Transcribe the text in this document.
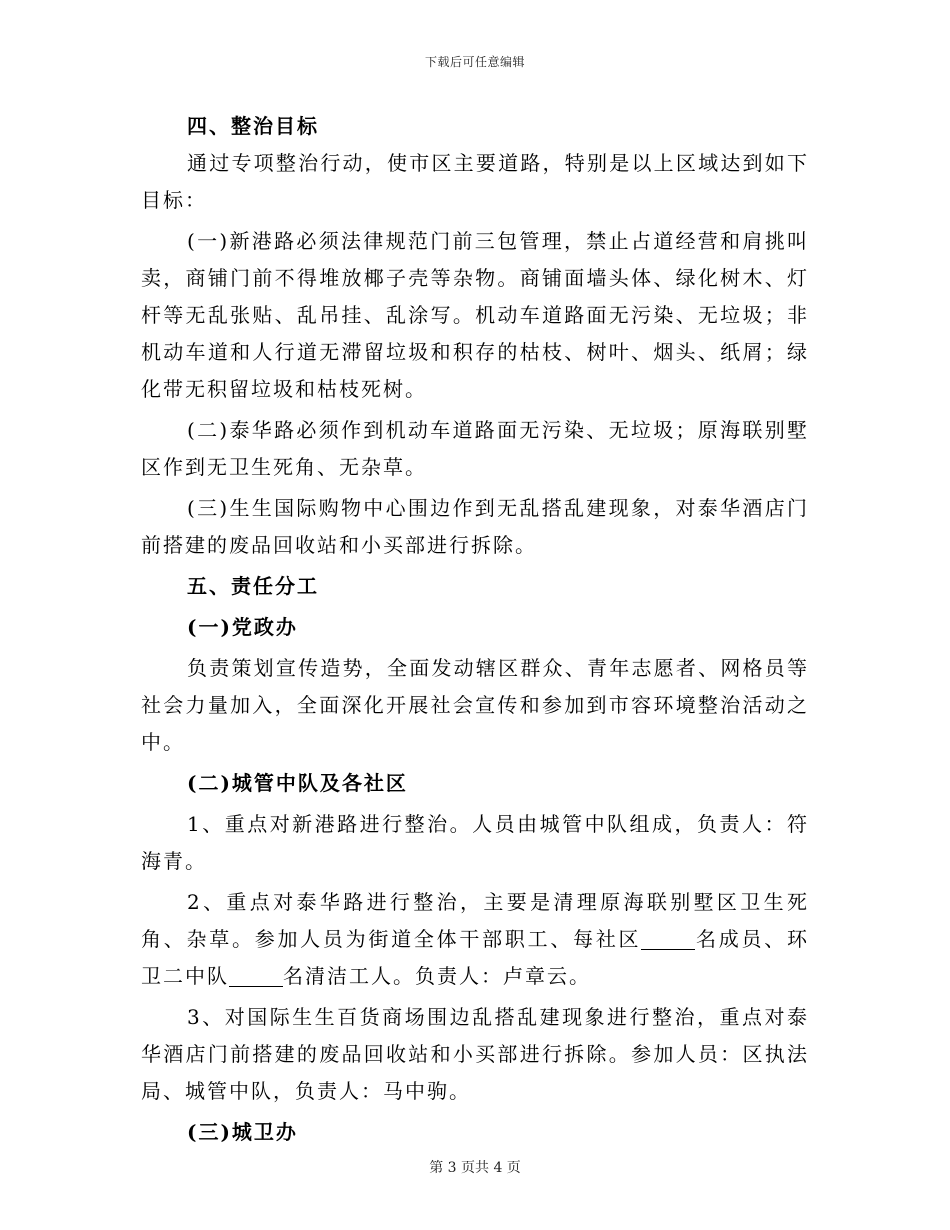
下载后可任意编辑

四、整治目标

通过专项整治行动，使市区主要道路，特别是以上区域达到如下目标：

(一)新港路必须法律规范门前三包管理，禁止占道经营和肩挑叫卖，商铺门前不得堆放椰子壳等杂物。商铺面墙头体、绿化树木、灯杆等无乱张贴、乱吊挂、乱涂写。机动车道路面无污染、无垃圾；非机动车道和人行道无滞留垃圾和积存的枯枝、树叶、烟头、纸屑；绿化带无积留垃圾和枯枝死树。

(二)泰华路必须作到机动车道路面无污染、无垃圾；原海联别墅区作到无卫生死角、无杂草。

(三)生生国际购物中心围边作到无乱搭乱建现象，对泰华酒店门前搭建的废品回收站和小买部进行拆除。

五、责任分工

(一)党政办

负责策划宣传造势，全面发动辖区群众、青年志愿者、网格员等社会力量加入，全面深化开展社会宣传和参加到市容环境整治活动之中。

(二)城管中队及各社区

1、重点对新港路进行整治。人员由城管中队组成，负责人：符海青。

2、重点对泰华路进行整治，主要是清理原海联别墅区卫生死角、杂草。参加人员为街道全体干部职工、每社区	名成员、环卫二中队	名清洁工人。负责人：卢章云。

3、对国际生生百货商场围边乱搭乱建现象进行整治，重点对泰华酒店门前搭建的废品回收站和小买部进行拆除。参加人员：区执法局、城管中队，负责人：马中驹。

(三)城卫办

第 3 页共 4 页
